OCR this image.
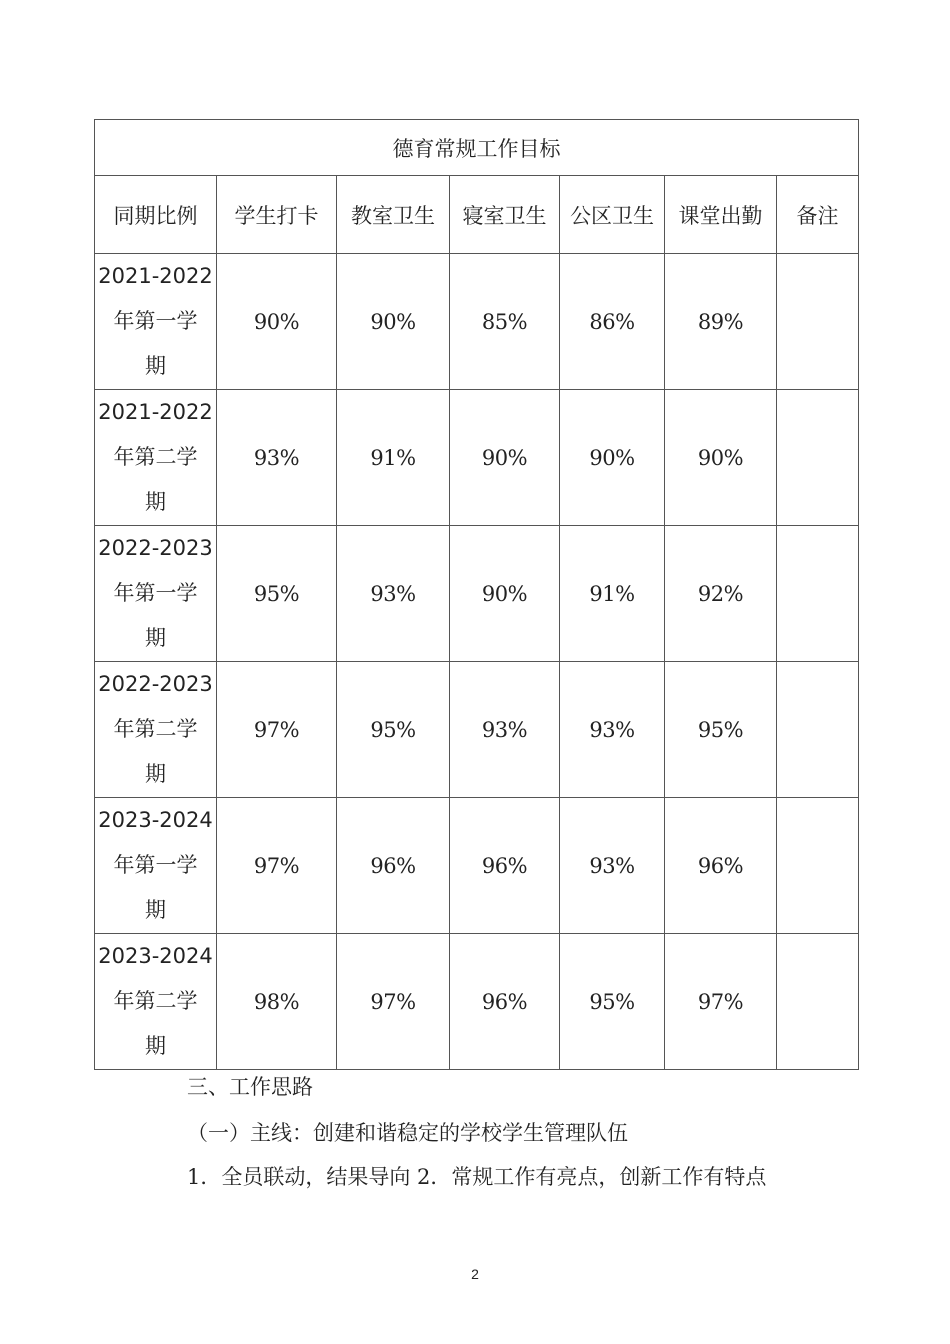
德育常规工作目标						
同期比例	学生打卡	教室卫生	寝室卫生	公区卫生	课堂出勤	备注

2021-2022
年第一学
期	90%	90%	85%	86%	89%	

2021-2022
年第二学
期	93%	91%	90%	90%	90%	

2022-2023
年第一学
期	95%	93%	90%	91%	92%	

2022-2023
年第二学
期	97%	95%	93%	93%	95%	

2023-2024
年第一学
期	97%	96%	96%	93%	96%	

2023-2024
年第二学
期	98%	97%	96%	95%	97%	
三、工作思路
（一）主线：创建和谐稳定的学校学生管理队伍
1．全员联动，结果导向 2．常规工作有亮点，创新工作有特点
2
